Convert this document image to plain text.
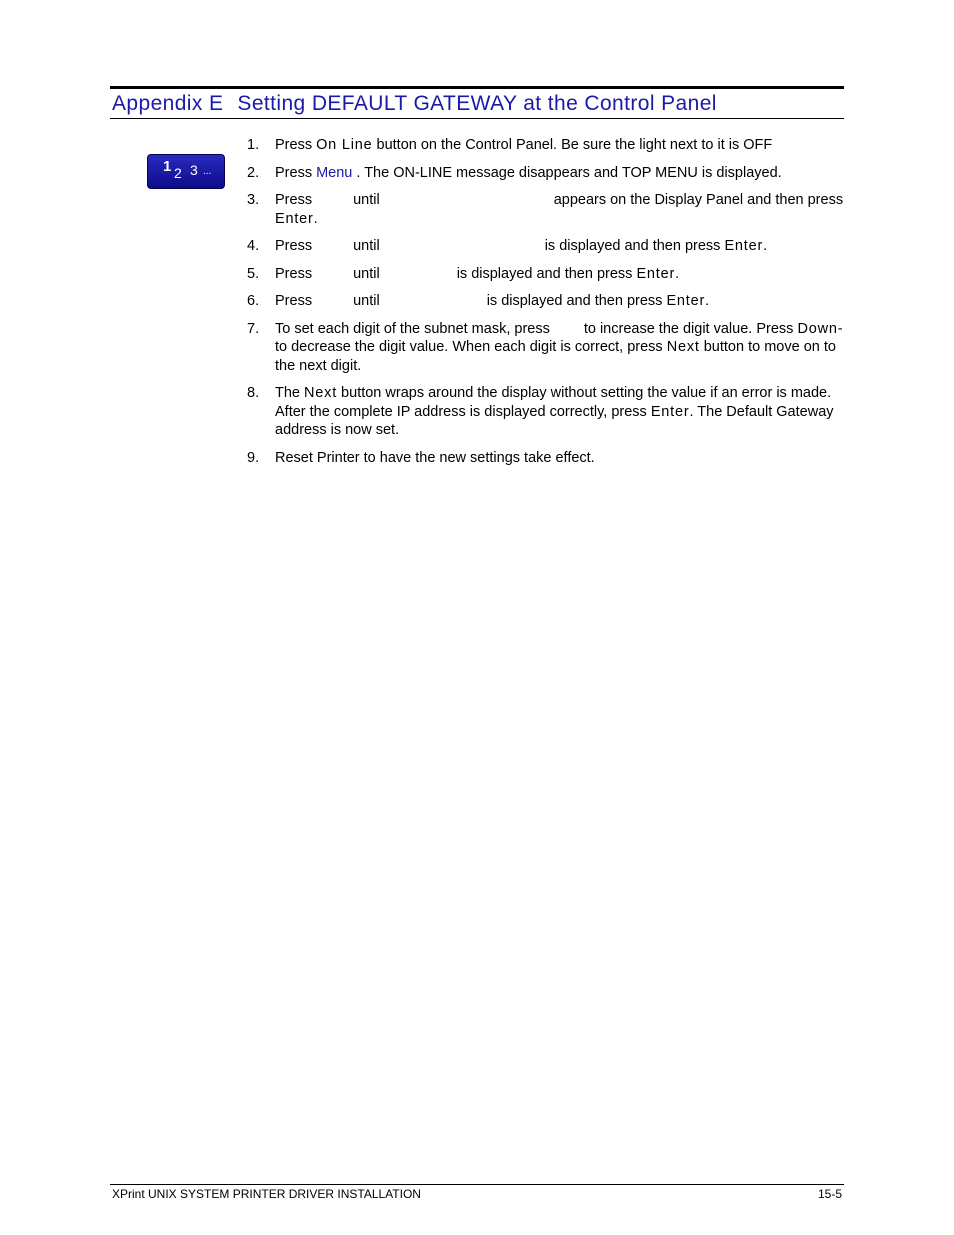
Appendix E Setting DEFAULT GATEWAY at the Control Panel
1 2 3 ...
1. Press On Line button on the Control Panel. Be sure the light next to it is OFF
2. Press Menu . The ON-LINE message disappears and TOP MENU is displayed.
3. Press	until	appears on the Display Panel and then press Enter.
4. Press	until	is displayed and then press Enter.
5. Press	until	is displayed and then press Enter.
6. Press	until	is displayed and then press Enter.
7. To set each digit of the subnet mask, press to increase the digit value. Press Down- to decrease the digit value. When each digit is correct, press Next button to move on to the next digit.
8. The Next button wraps around the display without setting the value if an error is made. After the complete IP address is displayed correctly, press Enter. The Default Gateway address is now set.
9. Reset Printer to have the new settings take effect.
XPrint UNIX SYSTEM PRINTER DRIVER INSTALLATION	15-5
